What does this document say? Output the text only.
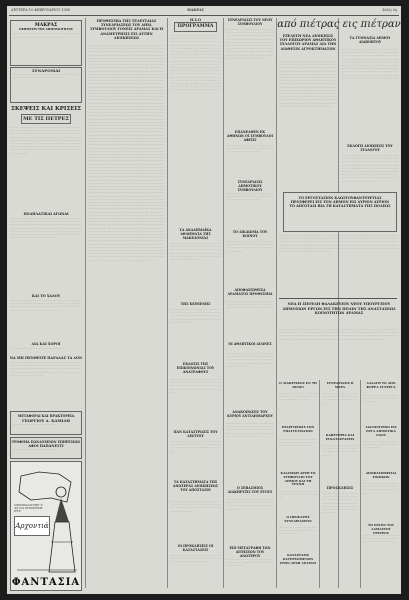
ΔΕΥΤΕΡΑ 10 ΦΕΒΡΟΥΑΡΙΟΥ 1958	ΜΑΚΡΑΣ	Σελίς 3η
ΜΑΚΡΑΣ
ΕΦΗΜΕΡΙΣ ΤΗΣ ΔΗΜΟΣΙΟΤΗΤΟΣ
·························· ···· ·················· ··················· ········· ················ ······················ ············ ··········
ΣΥΝΔΡΟΜΑΙ
························· ···················· ·········· ···················· ··················· ··················· ············ ··········
ΣΚΕΨΕΙΣ ΚΑΙ ΚΡΙΣΕΙΣ
ΜΕ ΤΙΣ ΠΕΤΡΕΣ
·································· ······························· ·························· ································ ······························ ································ ······························· ····························· ·································· ······························· ························ ································· ······························ ··························· ······························· ······························· ······························ ···························· ································ ······························ ··························· ······························ ·································
ΠΟΔΗΛΑΤΙΚΑΙ ΑΓΩΝΑΙ
······························· ································ ······························ ·································· ······························· ····························· ································· ······························· ······························ ································ ····························· ································· ······························ ······························· ································ ······························ ································· ·····························
ΚΑΙ ΤΟ ΧΑΛΟΥ
································ ······························ ······························· ································· ······························ ································ ······························ ·································· ····························· ································
ΔΙΑ ΚΑΙ ΧΟΡΟΙ
······························· ·································
ΝΑ ΜΗ ΠΕΝΘΕΙΤΕ ΠΑΡΑΔΑΣ ΤΑ ΔΟΝ
································· ······························ ································ ······························· ································· ······························ ································ ······························ ································· ······························· ······························ ································
ΜΕΤΑΦΟΡΑΙ ΚΑΙ ΠΡΑΚΤΟΡΕΙΑ
ΓΕΩΡΓΙΟΥ Δ. ΚΑΜΙΔΗ
··························· ·························
ΤΡΟΦΙΜΑ ΠΑΝΔΟΧΕΙΩΝ ΥΠΗΡΕΣΙΩΝ
ΑΦΟΙ ΠΑΠΑΝΕΣΤΙ
···························· ························
ΠΡΟΣΚΑΛΟΥΜΕ ΣΑΣ ΝΑ ΕΠΙΣΚΕΦΘΗΤΕ
Αρχοντιά
ΦΑΝΤΑΣΙΑ
ΠΡΟΘΕΣΜΙΑ ΤΗΣ ΤΕΛΕΥΤΑΙΑΣ ΣΥΝΕΔΡΙΑΣΕΩΣ ΤΟΥ ΔΗΜ. ΣΥΜΒΟΥΛΙΟΥ ΓΟΝΕΙΣ ΔΡΑΜΑΣ ΚΑΙ Η ΑΝΑΜΕΤΡΗΣΙΣ ΕΙΣ ΑΥΤΗΝ ΔΙΟΙΚΗΣΕΩΣ
··································· ································· ······························· ·································· ······························ ································· ································ ································ ······························· ································· ································ ······························ ·································· ······························ ································· ······························· ································ ································ ······························ ································· ······························ ································ ································ ······························· ································· ································ ······························ ·································· ······························ ································· ······························· ································ ································ ······························ ································· ······························ ································ ································ ······························· ································· ································ ······························ ·································· ······························ ································· ······························· ································ ································ ······························ ································· ······························ ································ ································ ······························· ································· ································ ······························ ·································· ······························ ································· ······························· ································ ································ ······························ ································· ······························ ································ ································ ······························· ································· ································ ······························ ·································· ······························ ································· ······························· ································ ································ ······························ ································· ······························ ································ ································ ······························· ································· ································ ······························ ·································· ······························ ································· ······························· ································ ································ ······························ ································· ······························ ································ ································ ······························· ································· ································ ······························ ·································· ······························ ································· ······························· ································ ································ ······························ ································· ······························ ································ ································ ······························· ································· ································ ······························ ·································· ······························ ································· ······························· ································ ································ ······························ ································· ······························ ································ ································ ······························· ································· ································ ······························ ·································· ······························ ································· ······························· ································ ································ ······························ ································· ······························ ································ ································ ······························· ································· ································ ······························ ·································· ······························ ································· ······························· ································ ································ ······························ ································· ······························ ································ ································ ······························· ································· ································ ······························ ·································· ······························ ································· ······························· ································ ································ ······························ ································· ······························ ································ ································ ······························· ································· ································ ······························ ·································· ······························ ································· ······························· ································ ································ ······························ ································· ······························ ································ ································ ······························· ································· ································ ······························ ··································
Η.Σ.Ο
ΠΡΟΓΡΑΜΜΑ
·········· ········ ··········· ······· ·········· ········ ··········· ······· ·········· ········ ··········· ······· ·········· ········ ··········· ······· ·········· ········ ··········· ······· ·········· ········ ··········· ······· ·········· ········ ··········· ······· ·········· ········ ··········· ······· ·········· ········ ··········· ······· ·········· ········ ··········· ······· ·········· ········ ··········· ······· ·········· ········ ··········· ······· ·········· ········ ··········· ······· ·········· ········ ··········· ······· ·········· ········ ··········· ······· ·········· ········ ··········· ······· ·········· ········ ··········· ······· ·········· ········ ··········· ······· ·········· ········ ··········· ······· ·········· ········ ··········· ······· ·········· ········ ··········· ······· ·········· ········ ··········· ······· ·········· ········ ··········· ······· ·········· ········ ··········· ······· ·········· ········ ··········· ······· ·········· ········ ··········· ······· ·········· ········ ··········· ······· ·········· ········
ΤΑ ΑΚΑΔΗΜΑΪΚΑ ΑΘΛΗΜΑΤΑ ΤΗΣ ΜΑΚΕΔΟΝΙΑΣ
····················· ··················· ···················· ······················ ··················· ····················· ···················· ···················· ····················· ··················· ···················· ···················· ····················· ··················· ···················· ······················
ΤΗΣ ΚΕΙΜΕΝΗΣ
···················· ····················· ··················· ···················· ····················· ···················· ··················· ····················· ···················· ···················· ····················· ··················· ····················
ΕΚΔΟΣΙΣ ΤΗΣ ΕΠΙΚΟΙΝΩΝΙΑΣ ΤΟΥ ΑΝΑΤΡΑΦΟΥΣ
····················· ··················· ···················· ······················ ··················· ····················· ···················· ···················· ····················· ··················· ···················· ····················
ΠΑΝ ΚΑΤΑΣΤΡΩΣΙΣ ΤΟΥ ΔΙΚΤΥΟΥ
···················· ····················· ··················· ···················· ····················· ···················· ··················· ····················· ····················
ΤΑ ΚΑΤΑΣΤΗΜΑΤΑ ΤΗΣ ΑΝΩΤΕΡΑΣ ΔΙΟΙΚΗΣΕΩΣ ΤΟΥ ΑΠΟΣΤΑΣΙΝ
····················· ··················· ···················· ······················ ··················· ····················· ···················· ···················· ····················· ···················
ΟΙ ΠΡΟΚΛΗΣΕΙΣ ΟΙ ΚΑΤΑΣΤΑΣΕΙΣ
···················· ····················· ··················· ···················· ····················· ···················· ··················· ·····················
ΣΥΝΕΔΡΙΑΣΙΣ ΤΟΥ ΝΕΟΥ ΣΥΜΒΟΥΛΙΟΥ
··················· ·················· ···················· ················· ··················· ···················· ·················· ··················· ·················· ···················· ················· ··················· ···················· ·················· ··················· ·················· ···················· ················· ··················· ···················· ·················· ··················· ·················· ···················· ················· ··················· ···················· ·················· ···················
ΕΠΑΝΕΛΘΕΝ ΕΚ ΑΘΗΝΩΝ ΟΙ ΣΥΜΒΟΥΛΟΙ ΑΦΙΞΙΣ
··················· ·················· ···················· ················· ··················· ···················· ·················· ···················
ΣΥΝΕΔΡΙΑΣΙΣ ΔΗΜΟΤΙΚΟΥ ΣΥΜΒΟΥΛΙΟΥ
·················· ···················· ················· ··················· ···················· ·················· ··················· ··················
ΤΟ ΔΙΚΑΙΩΜΑ ΤΟΥ ΚΟΙΝΟΥ
···················· ················· ··················· ···················· ·················· ··················· ·················· ···················· ················· ···················
ΑΠΟΦΑΣΙΣΘΕΙΣΑ ΔΡΑΜΑΤΟΣ ΠΡΟΘΕΣΜΙΑ
···················· ·················· ··················· ·················· ···················· ················· ··················· ···················· ··················
ΟΙ ΑΘΛΗΤΙΚΟΙ ΑΓΩΝΕΣ
··················· ·················· ···················· ················· ··················· ···················· ·················· ··················· ·················· ···················· ················· ··················· ····················
ΑΝΑΚΟΙΝΩΣΙΣ ΤΟΥ ΚΥΡΙΟΥ ΑΝΤΙΔΗΜΑΡΧΟΥ
·················· ···················· ················· ··················· ···················· ·················· ··················· ·················· ···················· ················· ··················· ···················· ·················· ···················
Ο ΣΕΒΑΣΜΙΟΣ ΔΙΑΚΗΡΥΞΙΣ ΤΟΥ ΕΤΟΥΣ
···················· ················· ··················· ···················· ·················· ··················· ·················· ···················· ················· ···················
ΕΠΙ ΜΕΤΑΓΡΑΦΗ ΤΩΝ ΑΙΤΗΣΕΩΝ ΤΟΥ ΑΝΩΤΕΡΟΥ
··················· ·················· ···················· ················· ··················· ···················· ··················
από πιέτρας εις πιέτραν
ΕΞΕΛΕΓΗ ΝΕΑ ΔΙΟΙΚΗΣΙΣ ΤΟΥ ΕΠΙΧΩΡΙΟΥ ΑΘΛΗΤΙΚΟΥ ΣΥΛΛΟΓΟΥ ΔΡΑΜΑΣ ΔΙΑ ΤΗΝ ΔΙΑΘΕΣΙΝ ΑΓΡΟΚΤΗΜΑΤΩΝ
························ ······················ ························ ······················· ······················ ························· ······················· ························ ······················ ························ ······················· ························· ······················ ······················· ························ ······················ ························ ······················· ······················ ························· ······················· ························ ······················ ························ ······················· ························· ······················ ······················· ························ ······················ ························ ······················· ······················ ························· ······················· ························ ······················ ························ ······················· ························· ······················ ······················· ························
ΤΑ ΓΥΜΝΑΣΙΑ ΔΗΜΟΥ ΔΙΑΒΟΗΤΟΥ
······················· ························ ······················ ························ ······················· ······················ ························· ······················· ························ ······················ ························ ······················· ························· ······················ ······················· ························ ······················ ························ ······················· ······················ ························· ······················· ························ ······················ ························ ······················· ························· ······················ ·······················
ΕΚΛΟΓΗ ΔΙΟΙΚΗΣΙΣ ΤΟΥ ΣΥΛΛΟΓΟΥ
························ ······················· ······················ ························· ······················· ························ ······················ ························ ······················· ························· ······················ ······················· ························ ······················ ························ ······················· ······················ ························· ······················· ························ ······················ ························ ······················· ························· ······················
ΤΟ ΕΡΓΟΣΤΑΣΙΟΝ ΚΛΩΣΤΟΥΦΑΝΤΟΥΡΓΙΑΣ ΠΡΟΣΦΕΡΕΙ ΕΙΣ ΤΟΝ ΔΗΜΟΝ ΕΙΣ ΑΥΡΙΟΝ ΑΥΡΙΟΝ ΤΟ ΑΠΟΣΤΑΣΙ ΒΙΑ ΤΗ ΚΑΤΑΣΤΗΜΑΤΑ ΤΗΣ ΠΟΛΕΩΣ
························································ ······················································ ························································· ······················································ ························································ ······················································· ························································· ····················································· ························································ ······················································· ························································· ······················································ ························································ ·······················································
ΝΕΑ Η ΣΠΟΥΔΗ ΦΑΛΑΚΕΥΕΙΝ ΝΕΟΥ ΥΠΟΥΡΓΕΙΟΥ ΔΗΜΟΣΙΩΝ ΕΡΓΩΝ ΕΙΣ ΤΗΝ ΠΟΛΙΝ ΤΗΣ ΑΝΑΣΤΑΣΕΩΣ ΚΟΙΝΟΤΗΤΩΝ ΔΡΑΜΑΣ
························································ ······················································ ························································· ······················································ ························································ ······················································· ························································· ····················································· ························································ ·······················································
Ο ΔΙΑΘΕΤΙΚΟΣ ΕΝ ΤΗ ΠΟΛΕΙ
·············· ················ ··············· ················· ·············· ················ ··············· ················
ΕΞΑΡΓΥΡΩΣΙΣ ΤΩΝ ΕΠΑΓΓΕΛΜΑΤΩΝ
················ ··············· ················· ·············· ················ ··············· ················ ··············
ΚΛΑΣΣΙΚΗ ΑΡΧΗ ΤΟ ΣΥΜΒΟΥΛΙΟ ΤΟΥ ΔΗΜΟΥ ΚΑΙ ΤΗ ΤΕΧΝΗ
·············· ················ ··············· ················· ·············· ················
Ο ΠΡΟΕΔΡΟΣ ΣΥΝΕΔΡΙΑΣΕΩΝ
················ ··············· ················· ·············· ················ ··············· ················
ΚΑΤΑΣΤΑΣΙΣ ΚΑΤΕΡΧΟΜΕΝΟΝ ΣΤΗΝ ΑΡΧΗ ΔΡΑΜΑΣ
ΣΥΝΕΔΡΙΑΣΙΣ Β ΜΕΡΑ
·············· ··············· ············· ················ ·············· ··············· ············· ················ ··············
ΚΑΦΕΤΗΡΙΑ ΚΑΙ ΕΓΚΑΤΑΣΤΑΣΕΙΣ
··············· ············· ················ ·············· ··············· ············· ················ ·············· ···············
ΠΡΟΣΚΛΗΣΙΣ
·············· ··············· ············· ················ ·············· ··············· ············· ················ ·············· ··············· ············· ················ ·············· ··············· ············· ················ ·············· ···············
ΑΛΛΑΓΗ ΤΟ ΑΠΟ ΦΟΡΕΑ ΣΥΝΕΡΓΑ
·············· ··············· ············· ················ ·············· ··············· ·············
ΔΙΑΓΩΝΙΣΜΟΙ ΕΙΣ ΕΡΓΑ ΔΗΜΟΤΙΚΑ ΟΔΟΥ
··············· ············· ················ ·············· ··············· ············· ················
ΑΠΟΦΑΣΙΣΘΕΙΣΑΙ ΤΟΠΙΚΩΝ
·············· ··············· ············· ················ ·············· ··············· ············· ················ ··············
ΤΟ ΕΡΓΟΝ ΤΟΥ ΔΑΜΑΣΤΟΥ ΕΞΕΥΡΟΣ
··············· ············· ················ ·············· ··············· ············· ················ ··············
